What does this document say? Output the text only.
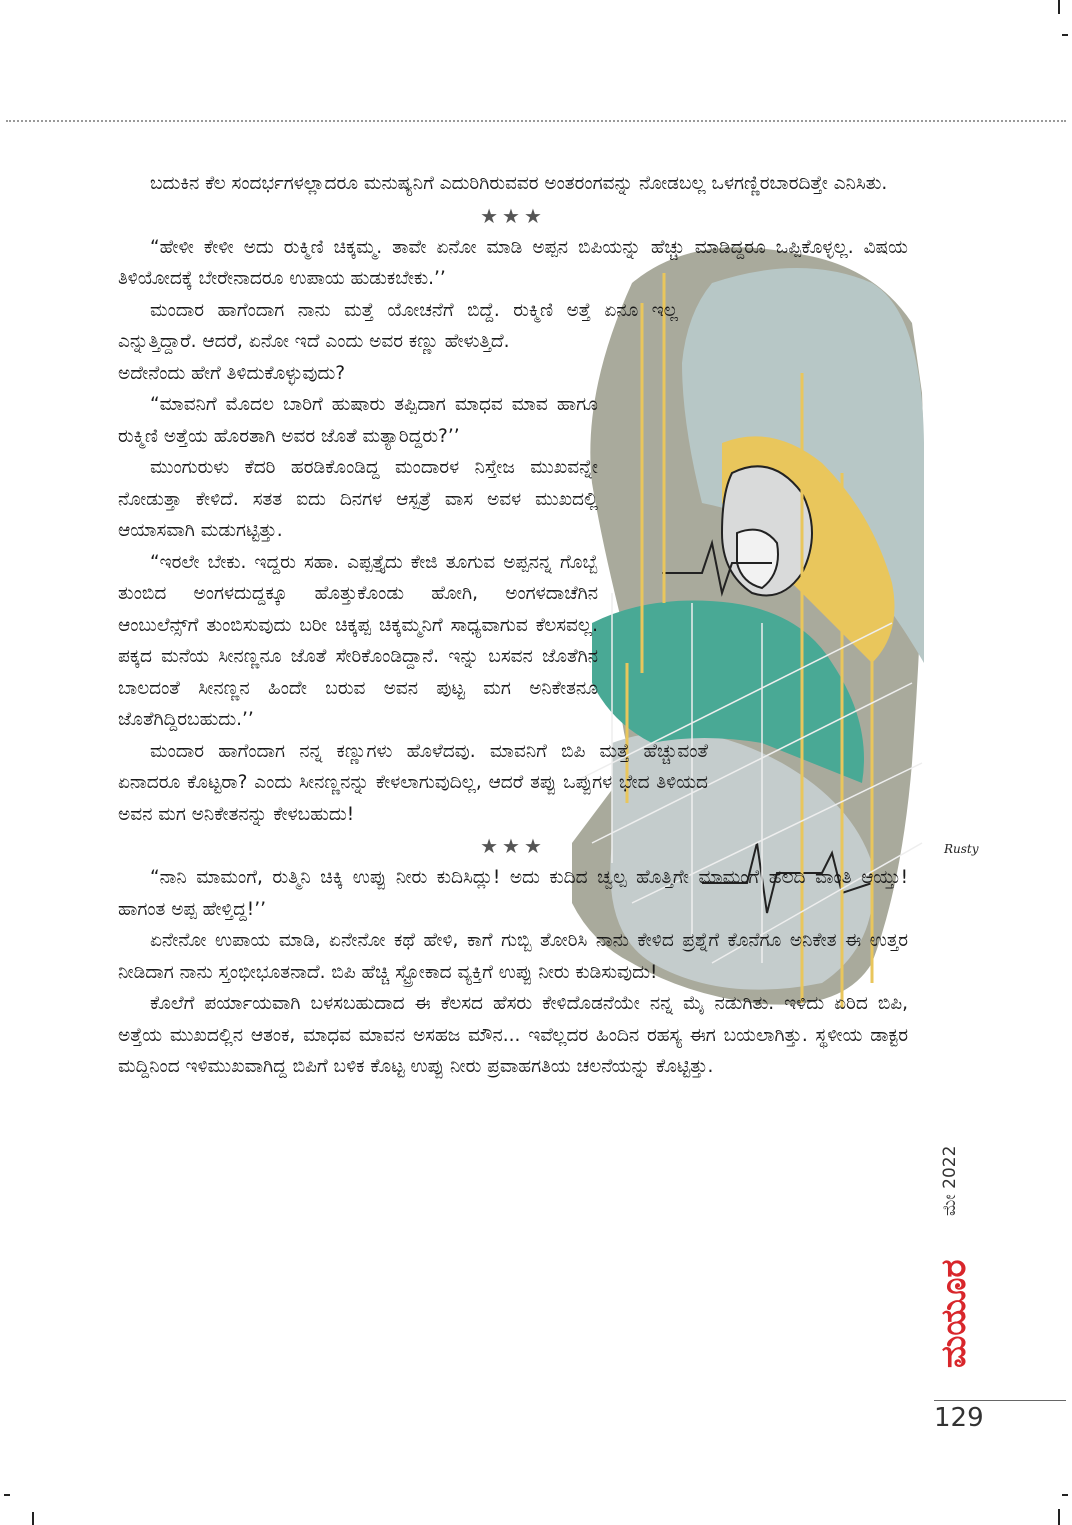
Rusty

ಬದುಕಿನ ಕೆಲ ಸಂದರ್ಭಗಳಲ್ಲಾದರೂ ಮನುಷ್ಯನಿಗೆ ಎದುರಿಗಿರುವವರ ಅಂತರಂಗವನ್ನು ನೋಡಬಲ್ಲ ಒಳಗಣ್ಣಿರಬಾರದಿತ್ತೇ ಎನಿಸಿತು.

★★★

“ಹೇಳೀ ಕೇಳೀ ಅದು ರುಕ್ಮಿಣಿ ಚಿಕ್ಕಮ್ಮ. ತಾವೇ ಏನೋ ಮಾಡಿ ಅಪ್ಪನ ಬಿಪಿಯನ್ನು ಹೆಚ್ಚು ಮಾಡಿದ್ದರೂ ಒಪ್ಪಿಕೊಳ್ಳಲ್ಲ. ವಿಷಯ ತಿಳಿಯೋದಕ್ಕೆ ಬೇರೇನಾದರೂ ಉಪಾಯ ಹುಡುಕಬೇಕು.’’

ಮಂದಾರ ಹಾಗೆಂದಾಗ ನಾನು ಮತ್ತೆ ಯೋಚನೆಗೆ ಬಿದ್ದೆ. ರುಕ್ಮಿಣಿ ಅತ್ತೆ ಏನೂ ಇಲ್ಲ ಎನ್ನುತ್ತಿದ್ದಾರೆ. ಆದರೆ, ಏನೋ ಇದೆ ಎಂದು ಅವರ ಕಣ್ಣು ಹೇಳುತ್ತಿದೆ.

ಅದೇನೆಂದು ಹೇಗೆ ತಿಳಿದುಕೊಳ್ಳುವುದು?

“ಮಾವನಿಗೆ ಮೊದಲ ಬಾರಿಗೆ ಹುಷಾರು ತಪ್ಪಿದಾಗ ಮಾಧವ ಮಾವ ಹಾಗೂ ರುಕ್ಮಿಣಿ ಅತ್ತೆಯ ಹೊರತಾಗಿ ಅವರ ಜೊತೆ ಮತ್ಯಾರಿದ್ದರು?’’

ಮುಂಗುರುಳು ಕೆದರಿ ಹರಡಿಕೊಂಡಿದ್ದ ಮಂದಾರಳ ನಿಸ್ತೇಜ ಮುಖವನ್ನೇ ನೋಡುತ್ತಾ ಕೇಳಿದೆ. ಸತತ ಐದು ದಿನಗಳ ಆಸ್ಪತ್ರೆ ವಾಸ ಅವಳ ಮುಖದಲ್ಲಿ ಆಯಾಸವಾಗಿ ಮಡುಗಟ್ಟಿತ್ತು.

“ಇರಲೇ ಬೇಕು. ಇದ್ದರು ಸಹಾ. ಎಪ್ಪತ್ತೈದು ಕೇಜಿ ತೂಗುವ ಅಪ್ಪನನ್ನ ಗೊಬ್ಬೆ ತುಂಬಿದ ಅಂಗಳದುದ್ದಕ್ಕೂ ಹೊತ್ತುಕೊಂಡು ಹೋಗಿ, ಅಂಗಳದಾಚೆಗಿನ ಆಂಬುಲೆನ್ಸ್‌ಗೆ ತುಂಬಿಸುವುದು ಬರೀ ಚಿಕ್ಕಪ್ಪ ಚಿಕ್ಕಮ್ಮನಿಗೆ ಸಾಧ್ಯವಾಗುವ ಕೆಲಸವಲ್ಲ. ಪಕ್ಕದ ಮನೆಯ ಸೀನಣ್ಣನೂ ಜೊತೆ ಸೇರಿಕೊಂಡಿದ್ದಾನೆ. ಇನ್ನು ಬಸವನ ಜೊತೆಗಿನ ಬಾಲದಂತೆ ಸೀನಣ್ಣನ ಹಿಂದೇ ಬರುವ ಅವನ ಪುಟ್ಟ ಮಗ ಅನಿಕೇತನೂ ಜೊತೆಗಿದ್ದಿರಬಹುದು.’’

ಮಂದಾರ ಹಾಗೆಂದಾಗ ನನ್ನ ಕಣ್ಣುಗಳು ಹೊಳೆದವು. ಮಾವನಿಗೆ ಬಿಪಿ ಮತ್ತೆ ಹೆಚ್ಚುವಂತೆ ಏನಾದರೂ ಕೊಟ್ಟರಾ? ಎಂದು ಸೀನಣ್ಣನನ್ನು ಕೇಳಲಾಗುವುದಿಲ್ಲ, ಆದರೆ ತಪ್ಪು ಒಪ್ಪುಗಳ ಭೇದ ತಿಳಿಯದ ಅವನ ಮಗ ಅನಿಕೇತನನ್ನು ಕೇಳಬಹುದು!

★★★

“ನಾನಿ ಮಾಮಂಗೆ, ರುತ್ಮಿನಿ ಚಿಕ್ಕಿ ಉಪ್ಪು ನೀರು ಕುದಿಸಿದ್ಲು! ಅದು ಕುದಿದ ಚ್ವಲ್ಪ ಹೊತ್ತಿಗೇ ಮಾಮಂಗೆ ಹಲದಿ ವಾಂತಿ ಆಯ್ತು! ಹಾಗಂತ ಅಪ್ಪ ಹೇಳ್ತಿದ್ದ!’’

ಏನೇನೋ ಉಪಾಯ ಮಾಡಿ, ಏನೇನೋ ಕಥೆ ಹೇಳಿ, ಕಾಗೆ ಗುಬ್ಬಿ ತೋರಿಸಿ ನಾನು ಕೇಳಿದ ಪ್ರಶ್ನೆಗೆ ಕೊನೆಗೂ ಅನಿಕೇತ ಈ ಉತ್ತರ ನೀಡಿದಾಗ ನಾನು ಸ್ತಂಭೀಭೂತನಾದೆ. ಬಿಪಿ ಹೆಚ್ಚಿ ಸ್ಟ್ರೋಕಾದ ವ್ಯಕ್ತಿಗೆ ಉಪ್ಪು ನೀರು ಕುಡಿಸುವುದು!

ಕೊಲೆಗೆ ಪರ್ಯಾಯವಾಗಿ ಬಳಸಬಹುದಾದ ಈ ಕೆಲಸದ ಹೆಸರು ಕೇಳಿದೊಡನೆಯೇ ನನ್ನ ಮೈ ನಡುಗಿತು. ಇಳಿದು ಏರಿದ ಬಿಪಿ, ಅತ್ತೆಯ ಮುಖದಲ್ಲಿನ ಆತಂಕ, ಮಾಧವ ಮಾವನ ಅಸಹಜ ಮೌನ... ಇವೆಲ್ಲದರ ಹಿಂದಿನ ರಹಸ್ಯ ಈಗ ಬಯಲಾಗಿತ್ತು. ಸ್ಥಳೀಯ ಡಾಕ್ಟರ ಮದ್ದಿನಿಂದ ಇಳಿಮುಖವಾಗಿದ್ದ ಬಿಪಿಗೆ ಬಳಿಕ ಕೊಟ್ಟ ಉಪ್ಪು ನೀರು ಪ್ರವಾಹಗತಿಯ ಚಲನೆಯನ್ನು ಕೊಟ್ಟಿತ್ತು.

ಮೇ 2022
ಮಯೂರ
129
